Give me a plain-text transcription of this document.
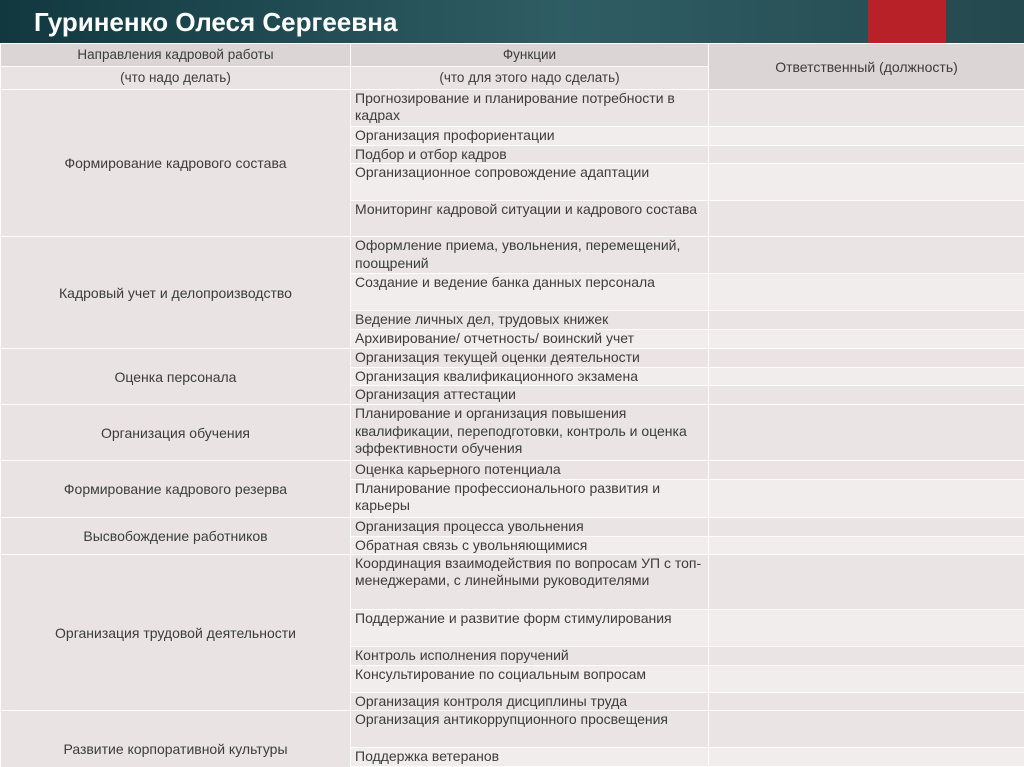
Гуриненко Олеся Сергеевна
Направления кадровой работы	Функции	Ответственный (должность)
(что надо делать)	(что для этого надо сделать)	
Формирование кадрового состава	Прогнозирование и планирование потребности в кадрах	
	Организация профориентации	
	Подбор и отбор кадров	
	Организационное сопровождение адаптации	
	Мониторинг кадровой ситуации и кадрового состава	
Кадровый учет и делопроизводство	Оформление приема, увольнения, перемещений, поощрений	
	Создание и ведение банка данных персонала	
	Ведение личных дел, трудовых книжек	
	Архивирование/ отчетность/ воинский учет	
Оценка персонала	Организация текущей оценки деятельности	
	Организация квалификационного экзамена	
	Организация аттестации	
Организация обучения	Планирование и организация повышения квалификации, переподготовки, контроль и оценка эффективности обучения	
Формирование кадрового резерва	Оценка карьерного потенциала	
	Планирование профессионального развития и карьеры	
Высвобождение работников	Организация процесса увольнения	
	Обратная связь с увольняющимися	
Организация трудовой деятельности	Координация взаимодействия по вопросам УП с топ-менеджерами, с линейными руководителями	
	Поддержание и развитие форм стимулирования	
	Контроль исполнения поручений	
	Консультирование по социальным вопросам	
	Организация контроля дисциплины труда	
Развитие корпоративной культуры	Организация антикоррупционного просвещения	
	Поддержка ветеранов	
